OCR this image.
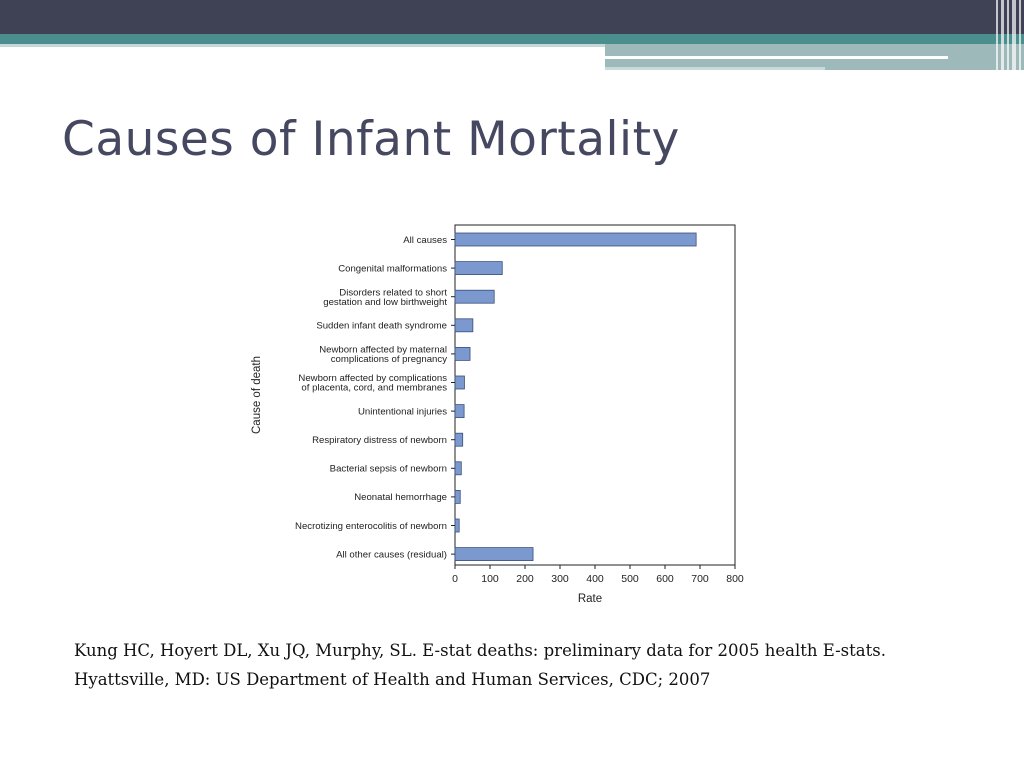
Causes of Infant Mortality
All causes
Congenital malformations
Disorders related to short
gestation and low birthweight
Sudden infant death syndrome
Newborn affected by maternal
complications of pregnancy
Newborn affected by complications
of placenta, cord, and membranes
Unintentional injuries
Respiratory distress of newborn
Bacterial sepsis of newborn
Neonatal hemorrhage
Necrotizing enterocolitis of newborn
All other causes (residual)
0 100 200 300 400 500 600 700 800
Rate
Cause of death
Kung HC, Hoyert DL, Xu JQ, Murphy, SL. E-stat deaths: preliminary data for 2005 health E-stats.
Hyattsville, MD: US Department of Health and Human Services, CDC; 2007
